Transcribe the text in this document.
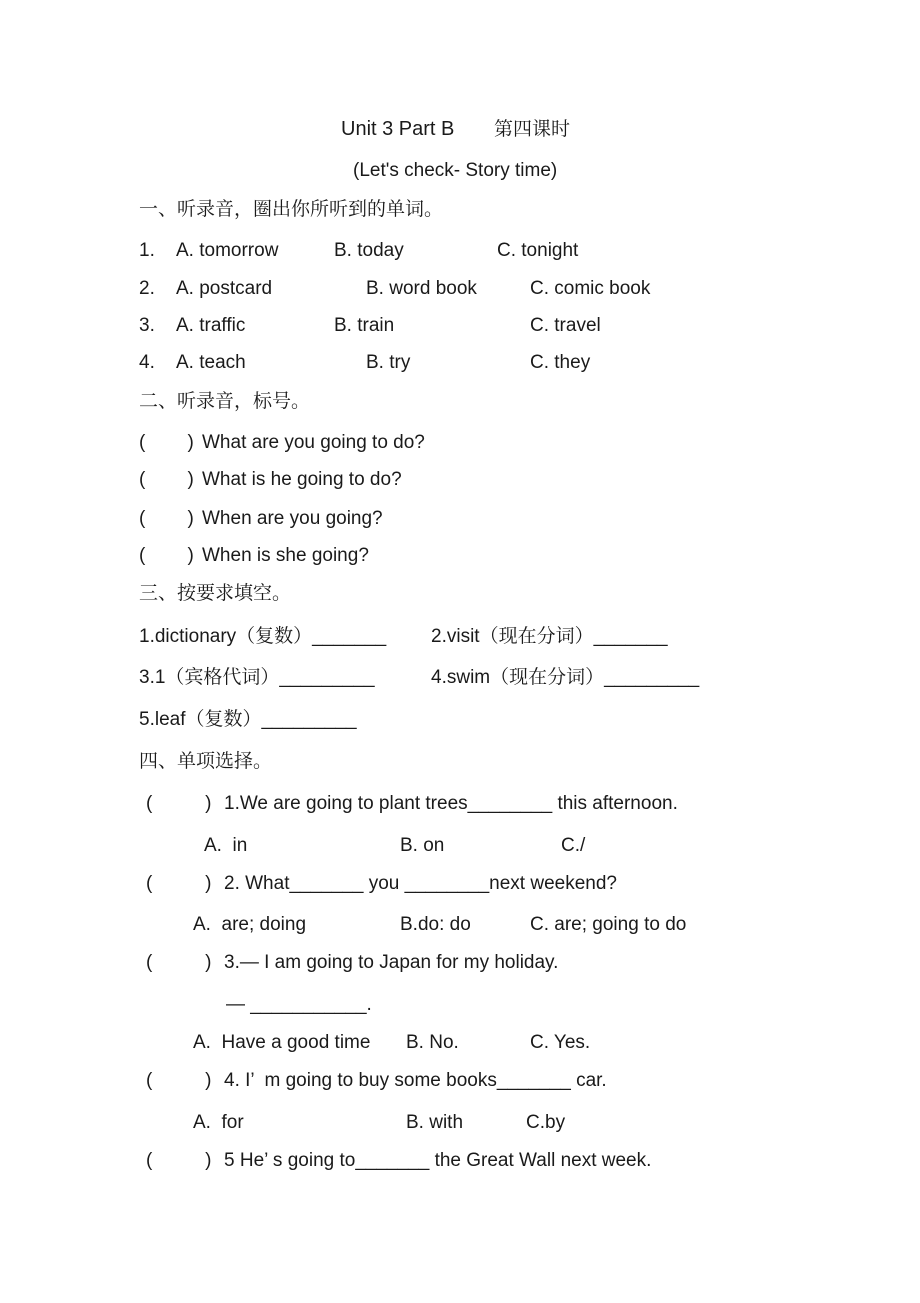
Unit 3 Part B 第四课时
(Let's check- Story time)
一、听录音，圈出你所听到的单词。
1. A. tomorrow	B. today	C. tonight
2. A. postcard	B. word book	C. comic book
3. A. traffic	B. train	C. travel
4. A. teach	B. try	C. they
二、听录音，标号。
(        ) What are you going to do?
(        ) What is he going to do?
(        ) When are you going?
(        ) When is she going?
三、按要求填空。
1.dictionary（复数）_______ 2.visit（现在分词）_______
3.1（宾格代词）_________	4.swim（现在分词）_________
5.leaf（复数）_________
四、单项选择。
(          ) 1.We are going to plant trees________ this afternoon.
A.  in	B. on	C./
(          ) 2. What_______ you ________next weekend?
A.  are; doing	B.do: do	C. are; going to do
(          ) 3.— I am going to Japan for my holiday.
— ___________.
A.  Have a good time B. No.	C. Yes.
(          ) 4. I’  m going to buy some books_______ car.
A.  for	B. with	C.by
(          ) 5 He’ s going to_______ the Great Wall next week.
